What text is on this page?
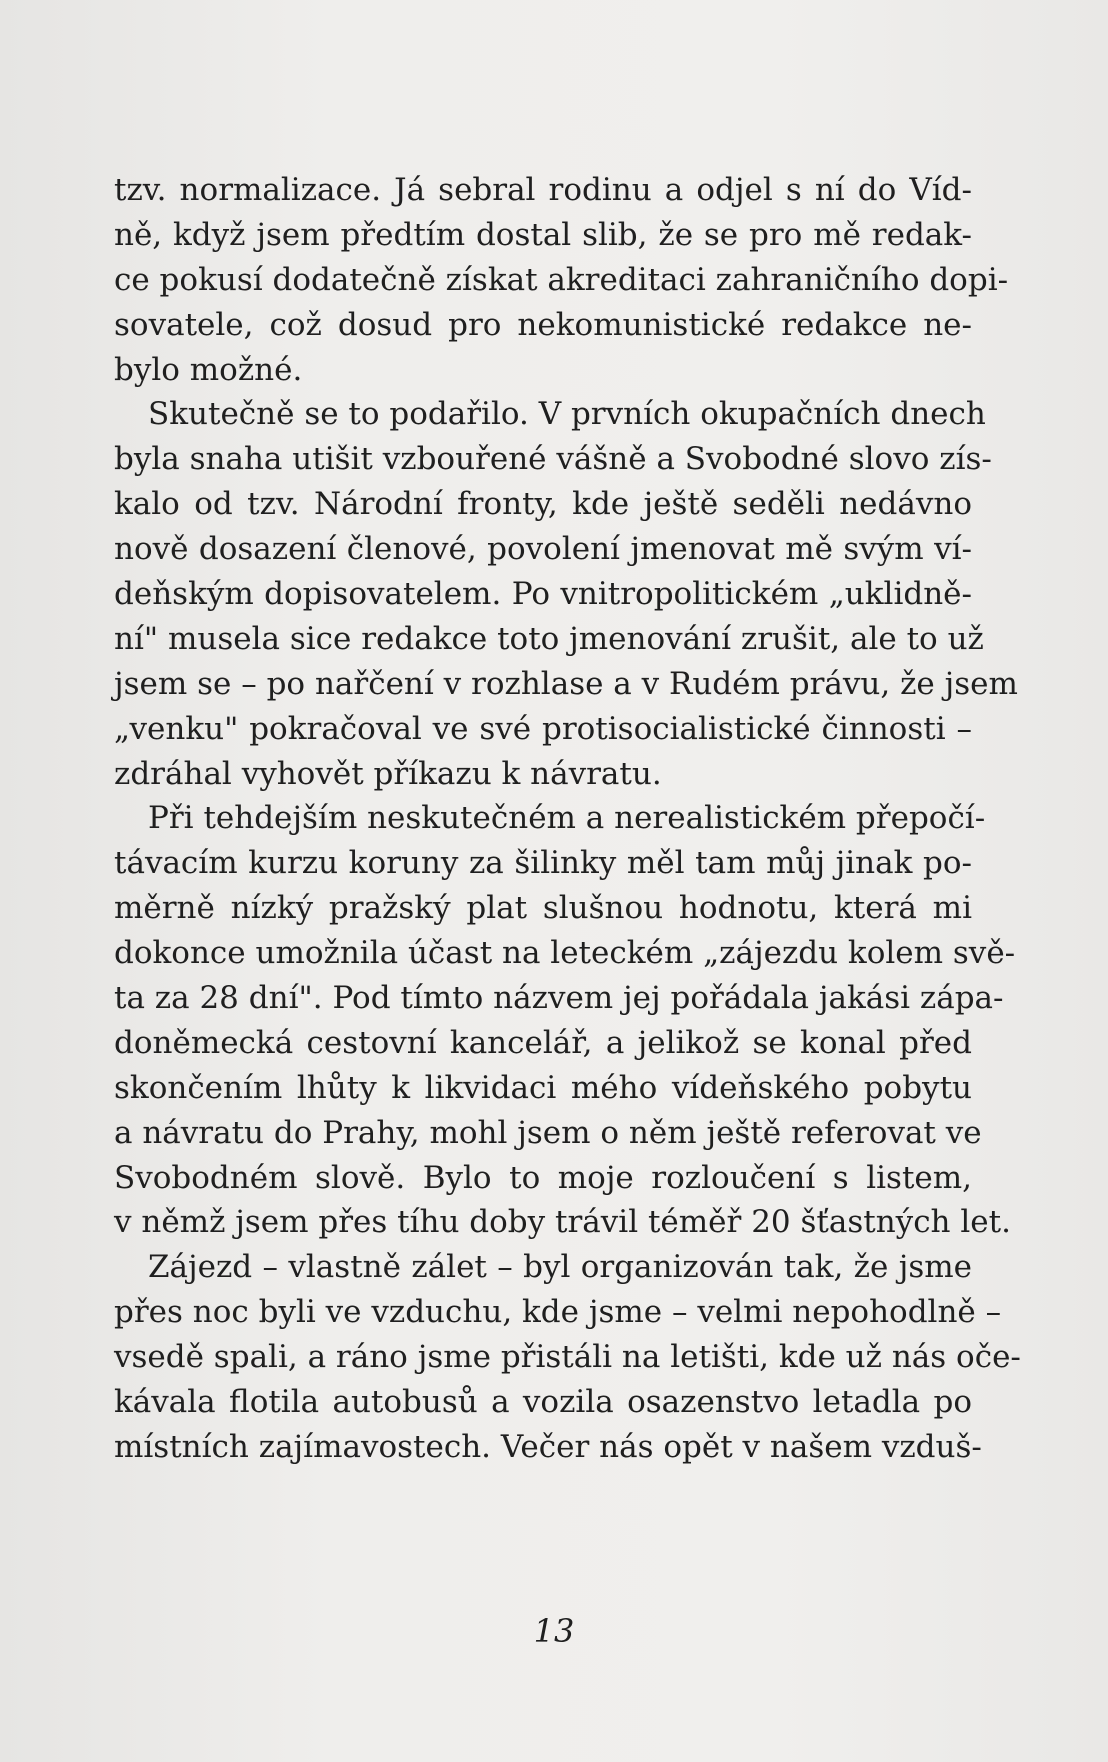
tzv. normalizace. Já sebral rodinu a odjel s ní do Víd-
ně, když jsem předtím dostal slib, že se pro mě redak-
ce pokusí dodatečně získat akreditaci zahraničního dopi-
sovatele, což dosud pro nekomunistické redakce ne-
bylo možné.
Skutečně se to podařilo. V prvních okupačních dnech
byla snaha utišit vzbouřené vášně a Svobodné slovo zís-
kalo od tzv. Národní fronty, kde ještě seděli nedávno
nově dosazení členové, povolení jmenovat mě svým ví-
deňským dopisovatelem. Po vnitropolitickém „uklidně-
ní" musela sice redakce toto jmenování zrušit, ale to už
jsem se – po nařčení v rozhlase a v Rudém právu, že jsem
„venku" pokračoval ve své protisocialistické činnosti –
zdráhal vyhovět příkazu k návratu.
Při tehdejším neskutečném a nerealistickém přepočí-
távacím kurzu koruny za šilinky měl tam můj jinak po-
měrně nízký pražský plat slušnou hodnotu, která mi
dokonce umožnila účast na leteckém „zájezdu kolem svě-
ta za 28 dní". Pod tímto názvem jej pořádala jakási zápa-
doněmecká cestovní kancelář, a jelikož se konal před
skončením lhůty k likvidaci mého vídeňského pobytu
a návratu do Prahy, mohl jsem o něm ještě referovat ve
Svobodném slově. Bylo to moje rozloučení s listem,
v němž jsem přes tíhu doby trávil téměř 20 šťastných let.
Zájezd – vlastně zálet – byl organizován tak, že jsme
přes noc byli ve vzduchu, kde jsme – velmi nepohodlně –
vsedě spali, a ráno jsme přistáli na letišti, kde už nás oče-
kávala flotila autobusů a vozila osazenstvo letadla po
místních zajímavostech. Večer nás opět v našem vzduš-
13
